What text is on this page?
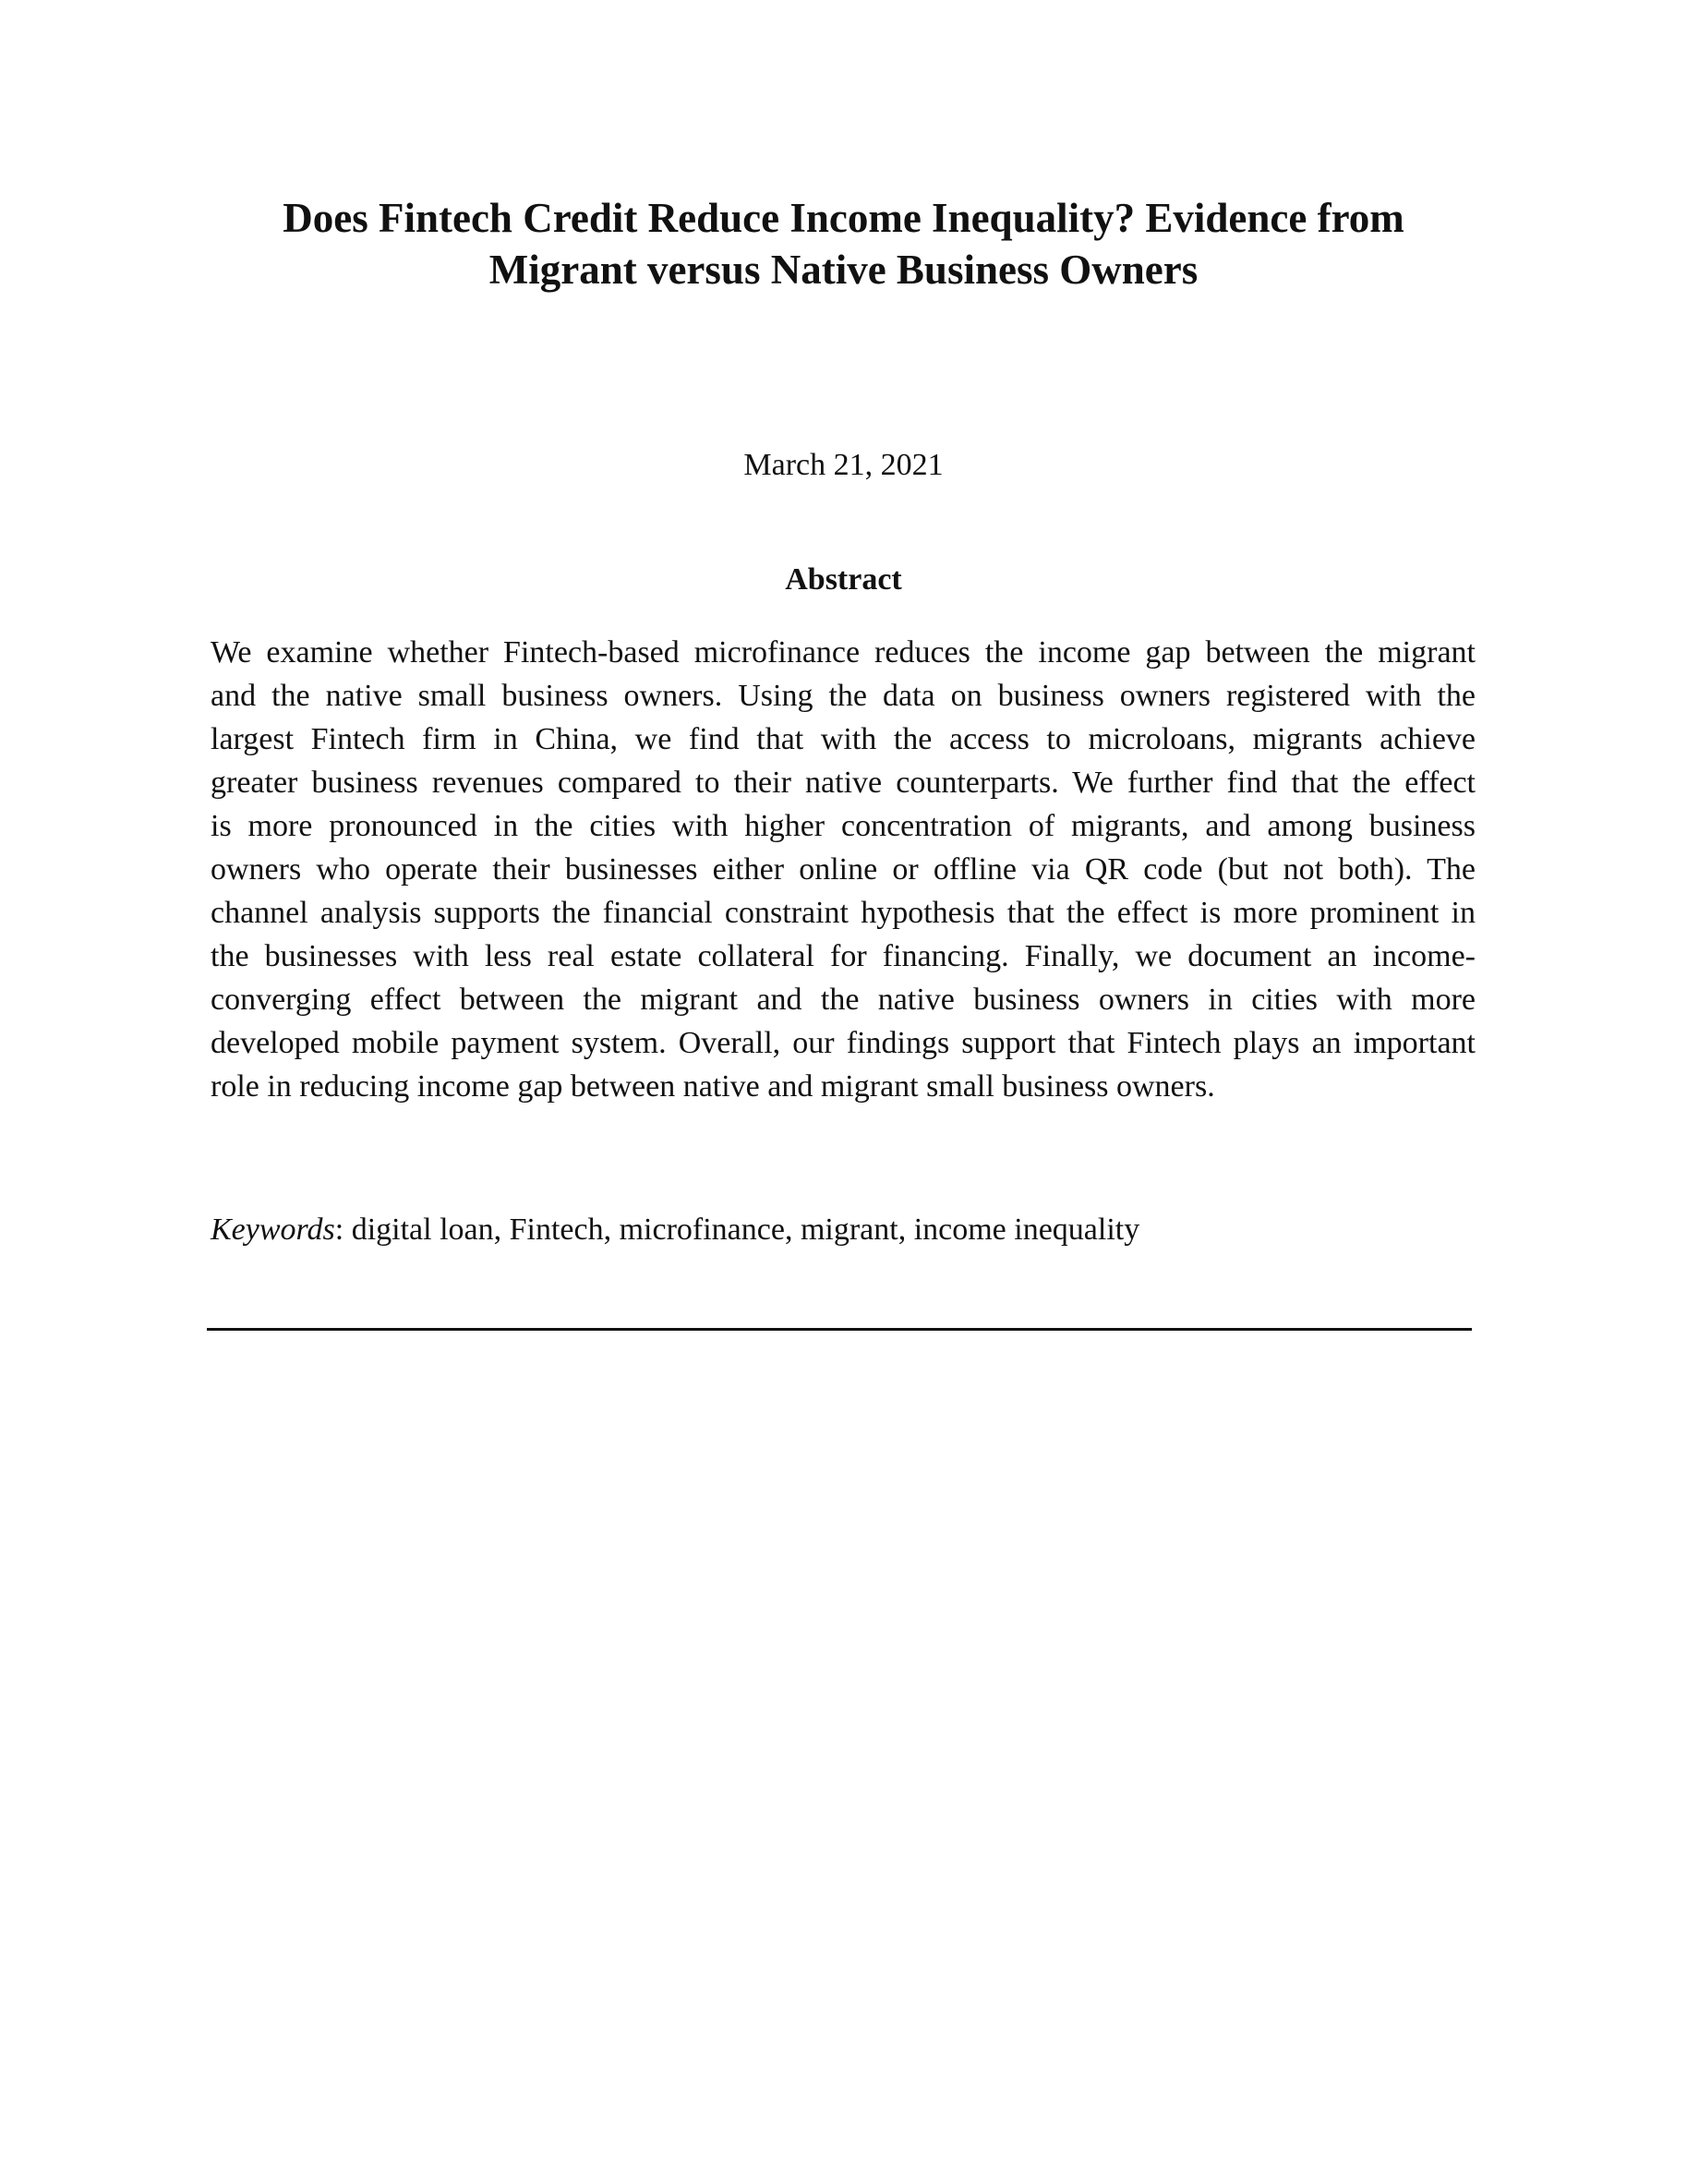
Does Fintech Credit Reduce Income Inequality? Evidence from
Migrant versus Native Business Owners
March 21, 2021
Abstract
We examine whether Fintech-based microfinance reduces the income gap between the migrant
and the native small business owners. Using the data on business owners registered with the
largest Fintech firm in China, we find that with the access to microloans, migrants achieve
greater business revenues compared to their native counterparts. We further find that the effect
is more pronounced in the cities with higher concentration of migrants, and among business
owners who operate their businesses either online or offline via QR code (but not both). The
channel analysis supports the financial constraint hypothesis that the effect is more prominent in
the businesses with less real estate collateral for financing. Finally, we document an income-
converging effect between the migrant and the native business owners in cities with more
developed mobile payment system. Overall, our findings support that Fintech plays an important
role in reducing income gap between native and migrant small business owners.
Keywords: digital loan, Fintech, microfinance, migrant, income inequality
